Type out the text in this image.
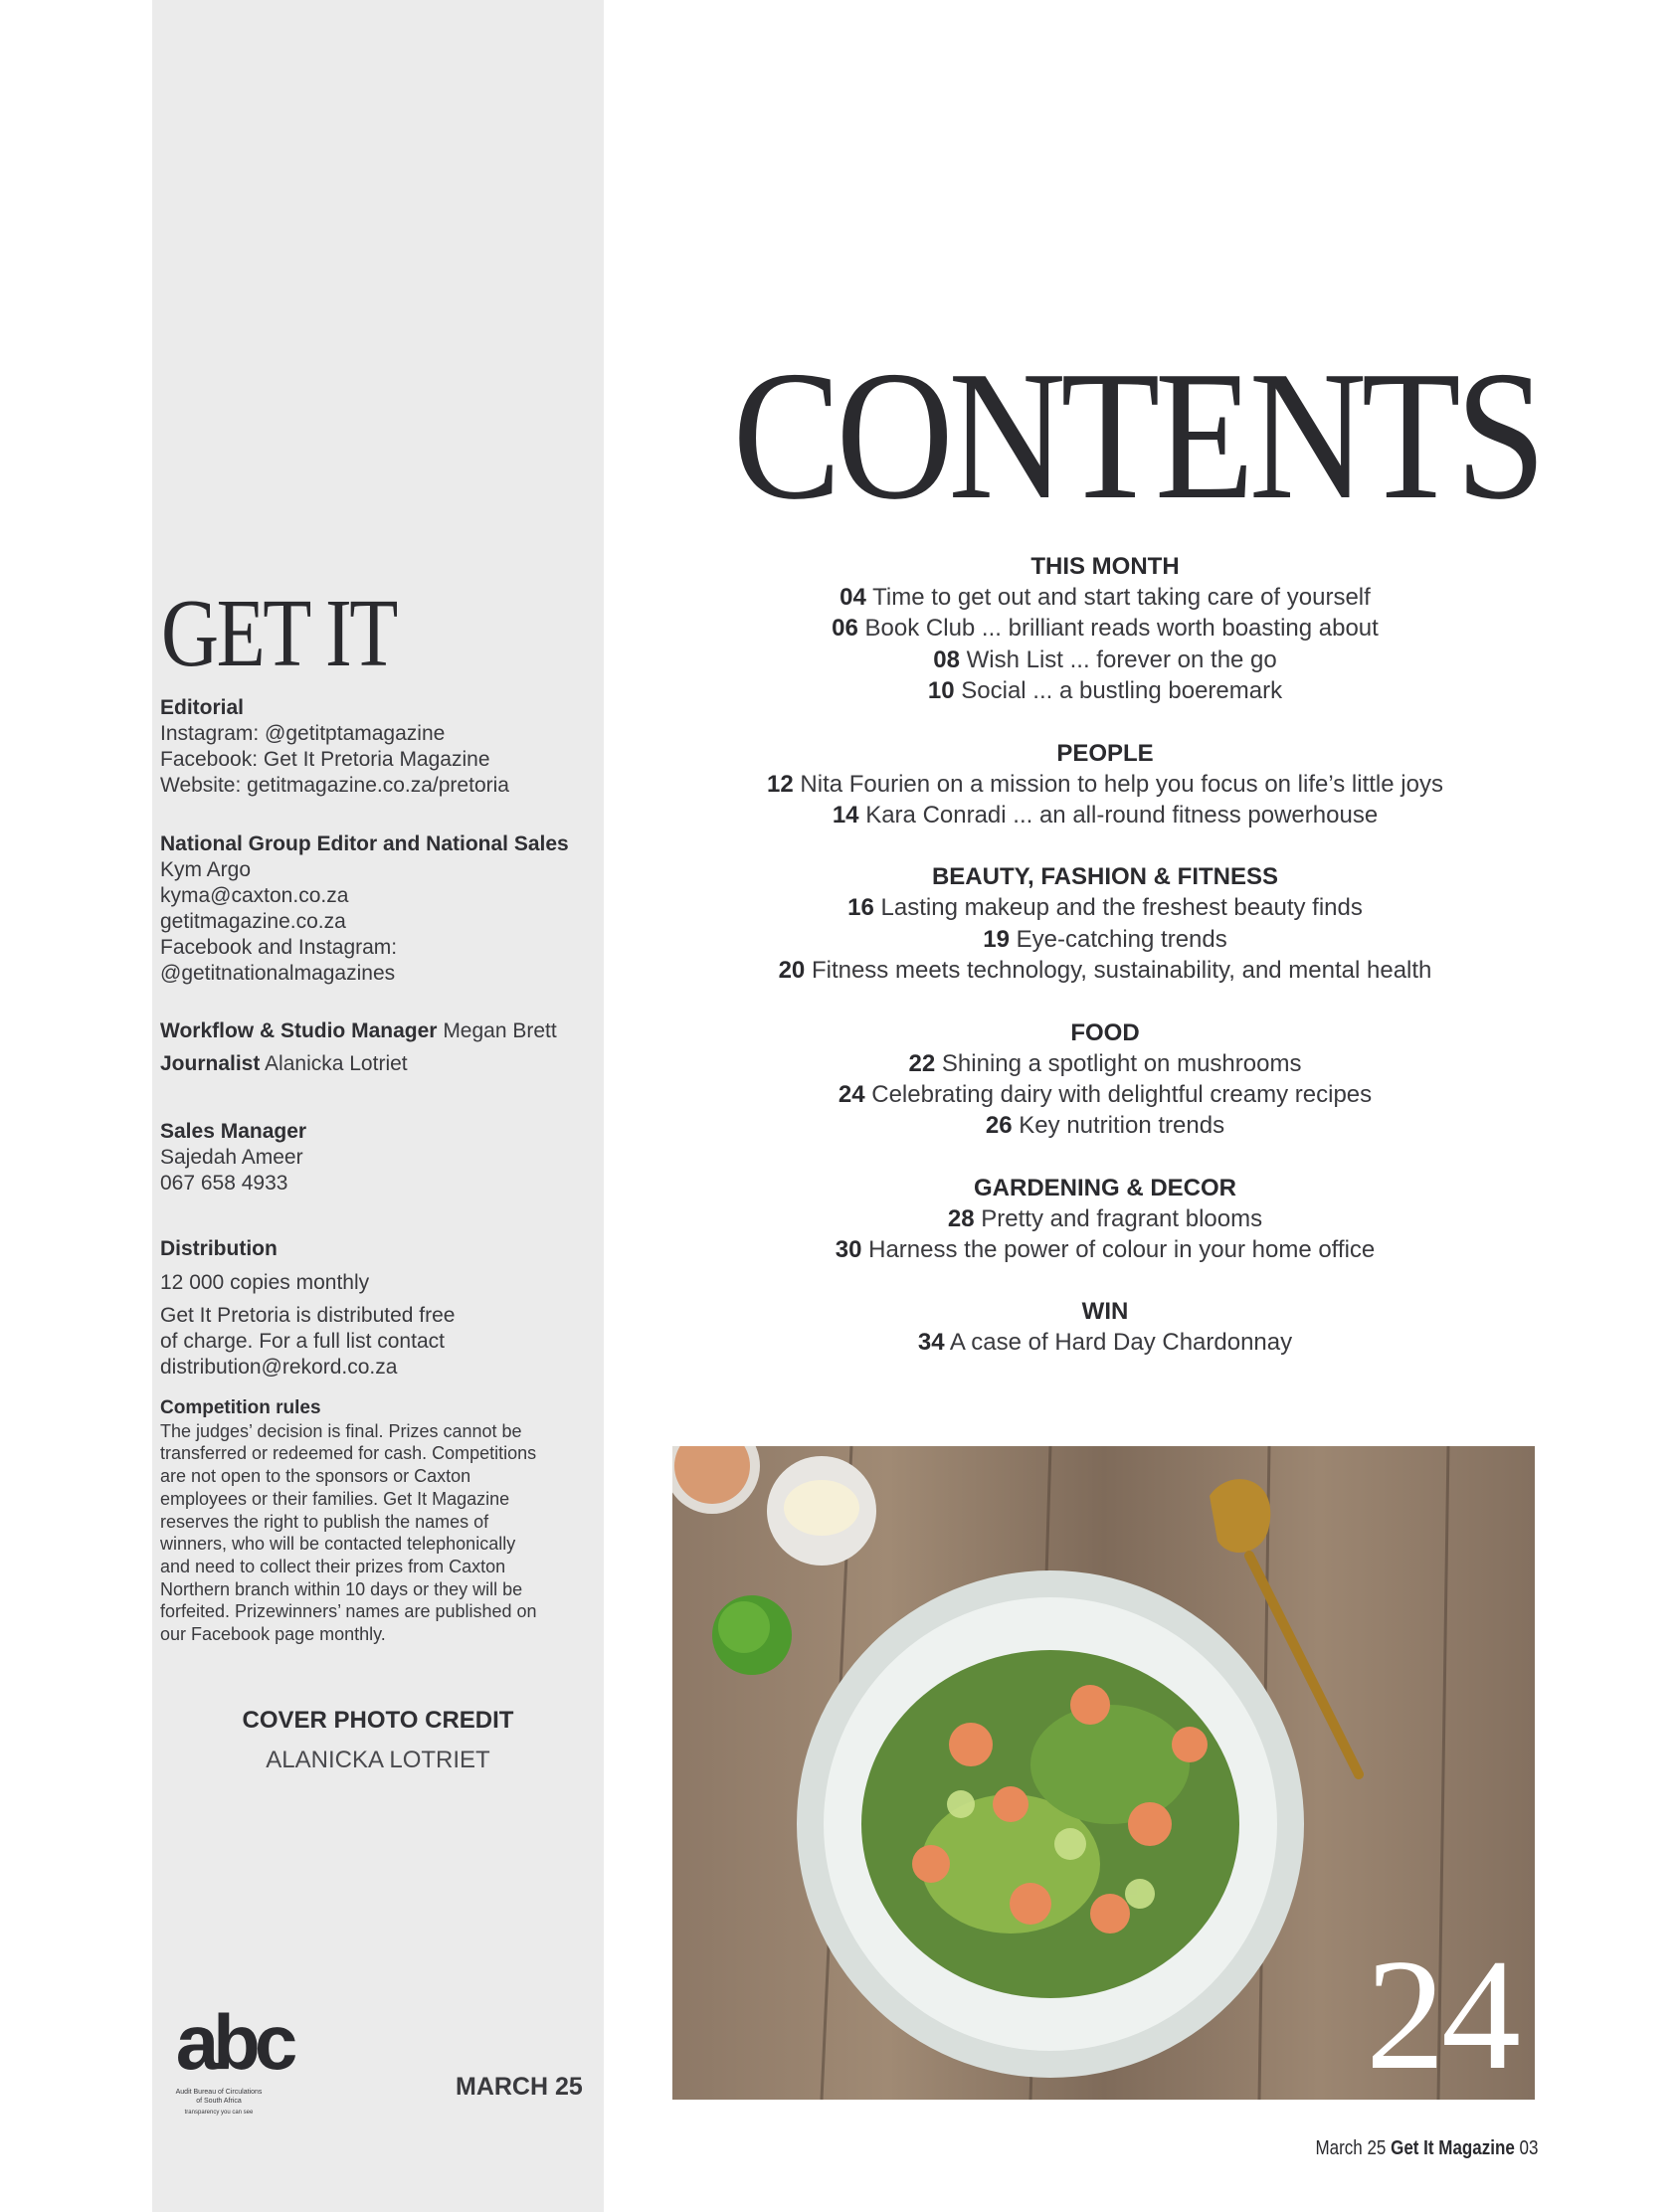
GET IT
Editorial
Instagram: @getitptamagazine
Facebook: Get It Pretoria Magazine
Website: getitmagazine.co.za/pretoria
National Group Editor and National Sales
Kym Argo
kyma@caxton.co.za
getitmagazine.co.za
Facebook and Instagram:
@getitnationalmagazines
Workflow & Studio Manager Megan Brett
Journalist Alanicka Lotriet
Sales Manager
Sajedah Ameer
067 658 4933
Distribution
12 000 copies monthly
Get It Pretoria is distributed free
of charge. For a full list contact
distribution@rekord.co.za
Competition rules
The judges’ decision is final. Prizes cannot be
transferred or redeemed for cash. Competitions
are not open to the sponsors or Caxton
employees or their families. Get It Magazine
reserves the right to publish the names of
winners, who will be contacted telephonically
and need to collect their prizes from Caxton
Northern branch within 10 days or they will be
forfeited. Prizewinners’ names are published on
our Facebook page monthly.
COVER PHOTO CREDIT
ALANICKA LOTRIET
abc
Audit Bureau of Circulations
of South Africa
transparency you can see
MARCH 25
CONTENTS
THIS MONTH
04 Time to get out and start taking care of yourself
06 Book Club ... brilliant reads worth boasting about
08 Wish List ... forever on the go
10 Social ... a bustling boeremark
PEOPLE
12 Nita Fourien on a mission to help you focus on life’s little joys
14 Kara Conradi ... an all-round fitness powerhouse
BEAUTY, FASHION & FITNESS
16 Lasting makeup and the freshest beauty finds
19 Eye-catching trends
20 Fitness meets technology, sustainability, and mental health
FOOD
22 Shining a spotlight on mushrooms
24 Celebrating dairy with delightful creamy recipes
26 Key nutrition trends
GARDENING & DECOR
28 Pretty and fragrant blooms
30 Harness the power of colour in your home office
WIN
34 A case of Hard Day Chardonnay
24
March 25 Get It Magazine 03
